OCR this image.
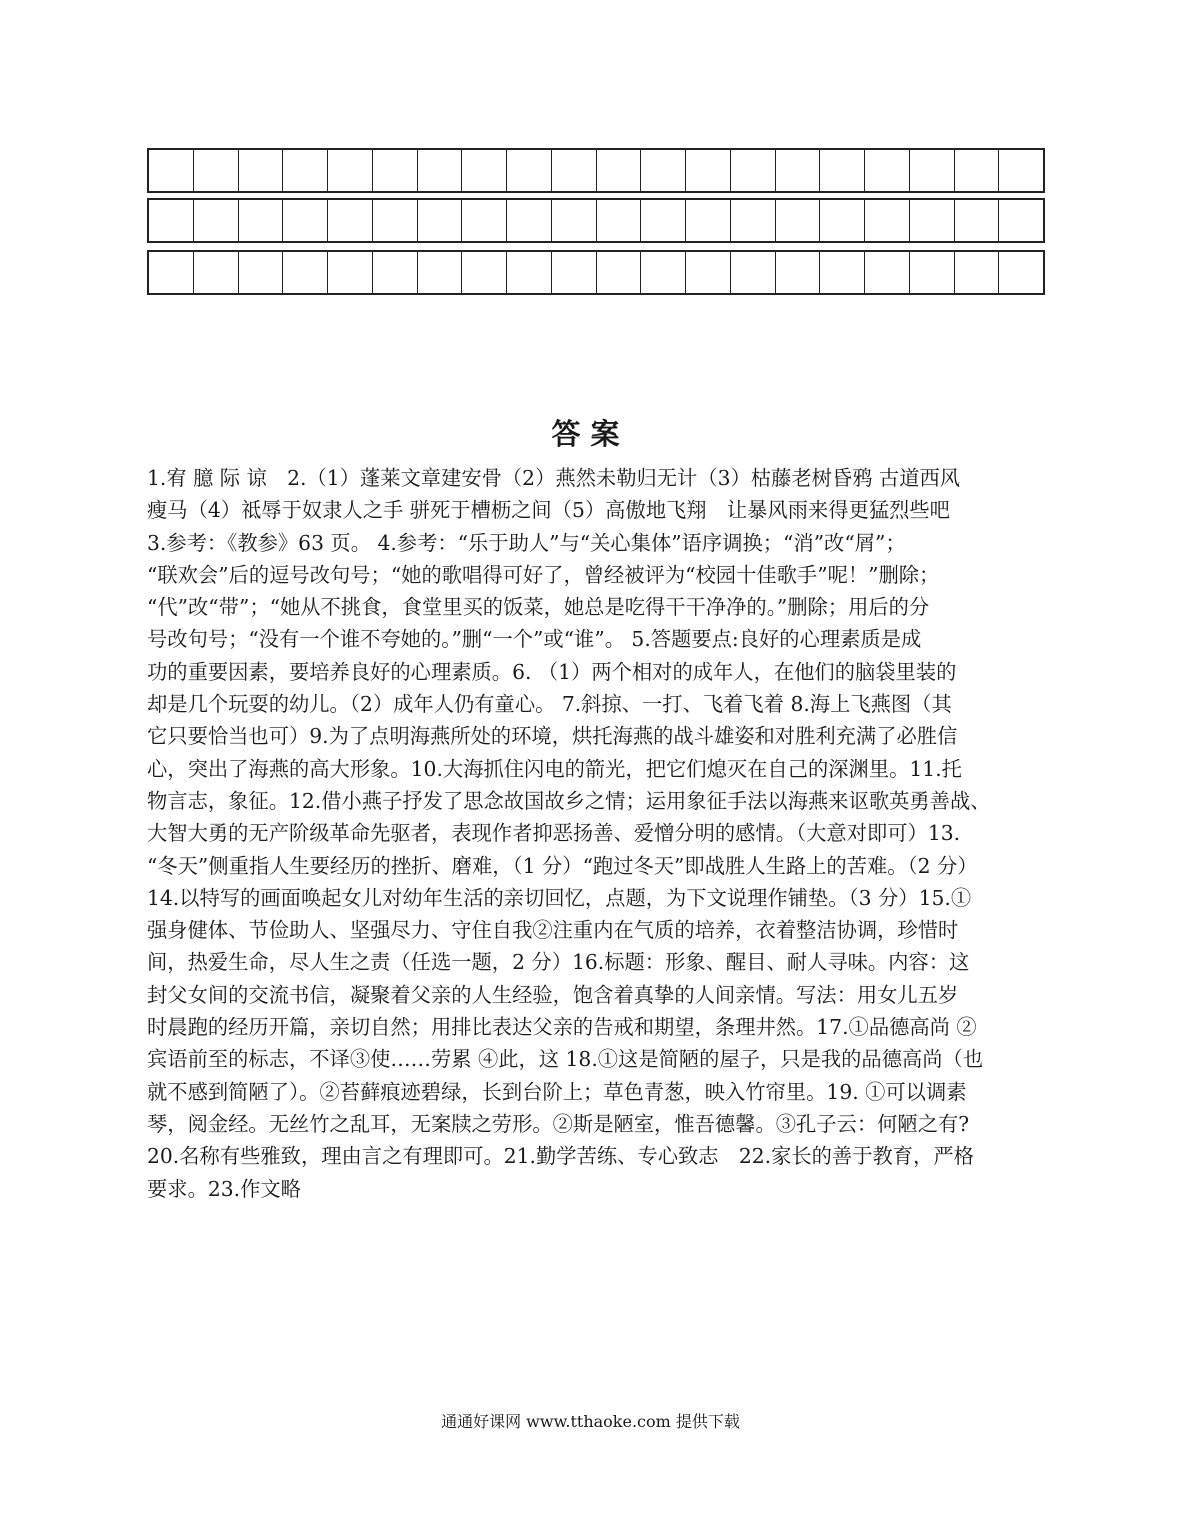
答案

1.宥 臆 际 谅　2.（1）蓬莱文章建安骨（2）燕然未勒归无计（3）枯藤老树昏鸦 古道西风

瘦马（4）祗辱于奴隶人之手 骈死于槽枥之间（5）高傲地飞翔　让暴风雨来得更猛烈些吧

3.参考：《教参》63 页。 4.参考：“乐于助人”与“关心集体”语序调换；“消”改“屑”；

“联欢会”后的逗号改句号；“她的歌唱得可好了，曾经被评为“校园十佳歌手”呢！”删除；

“代”改“带”；“她从不挑食，食堂里买的饭菜，她总是吃得干干净净的。”删除；用后的分

号改句号；“没有一个谁不夸她的。”删“一个”或“谁”。 5.答题要点:良好的心理素质是成

功的重要因素，要培养良好的心理素质。6. （1）两个相对的成年人，在他们的脑袋里装的

却是几个玩耍的幼儿。（2）成年人仍有童心。 7.斜掠、一打、飞着飞着 8.海上飞燕图（其

它只要恰当也可）9.为了点明海燕所处的环境，烘托海燕的战斗雄姿和对胜利充满了必胜信

心，突出了海燕的高大形象。10.大海抓住闪电的箭光，把它们熄灭在自己的深渊里。11.托

物言志，象征。12.借小燕子抒发了思念故国故乡之情；运用象征手法以海燕来讴歌英勇善战、

大智大勇的无产阶级革命先驱者，表现作者抑恶扬善、爱憎分明的感情。（大意对即可）13.

“冬天”侧重指人生要经历的挫折、磨难，（1 分）“跑过冬天”即战胜人生路上的苦难。（2 分）

14.以特写的画面唤起女儿对幼年生活的亲切回忆，点题，为下文说理作铺垫。（3 分）15.①

强身健体、节俭助人、坚强尽力、守住自我②注重内在气质的培养，衣着整洁协调，珍惜时

间，热爱生命，尽人生之责（任选一题，2 分）16.标题：形象、醒目、耐人寻味。内容：这

封父女间的交流书信，凝聚着父亲的人生经验，饱含着真挚的人间亲情。写法：用女儿五岁

时晨跑的经历开篇，亲切自然；用排比表达父亲的告戒和期望，条理井然。17.①品德高尚 ②

宾语前至的标志，不译③使……劳累 ④此，这 18.①这是简陋的屋子，只是我的品德高尚（也

就不感到简陋了）。②苔藓痕迹碧绿，长到台阶上；草色青葱，映入竹帘里。19. ①可以调素

琴，阅金经。无丝竹之乱耳，无案牍之劳形。②斯是陋室，惟吾德馨。③孔子云：何陋之有?

20.名称有些雅致，理由言之有理即可。21.勤学苦练、专心致志　22.家长的善于教育，严格

要求。23.作文略

通通好课网 www.tthaoke.com 提供下载
